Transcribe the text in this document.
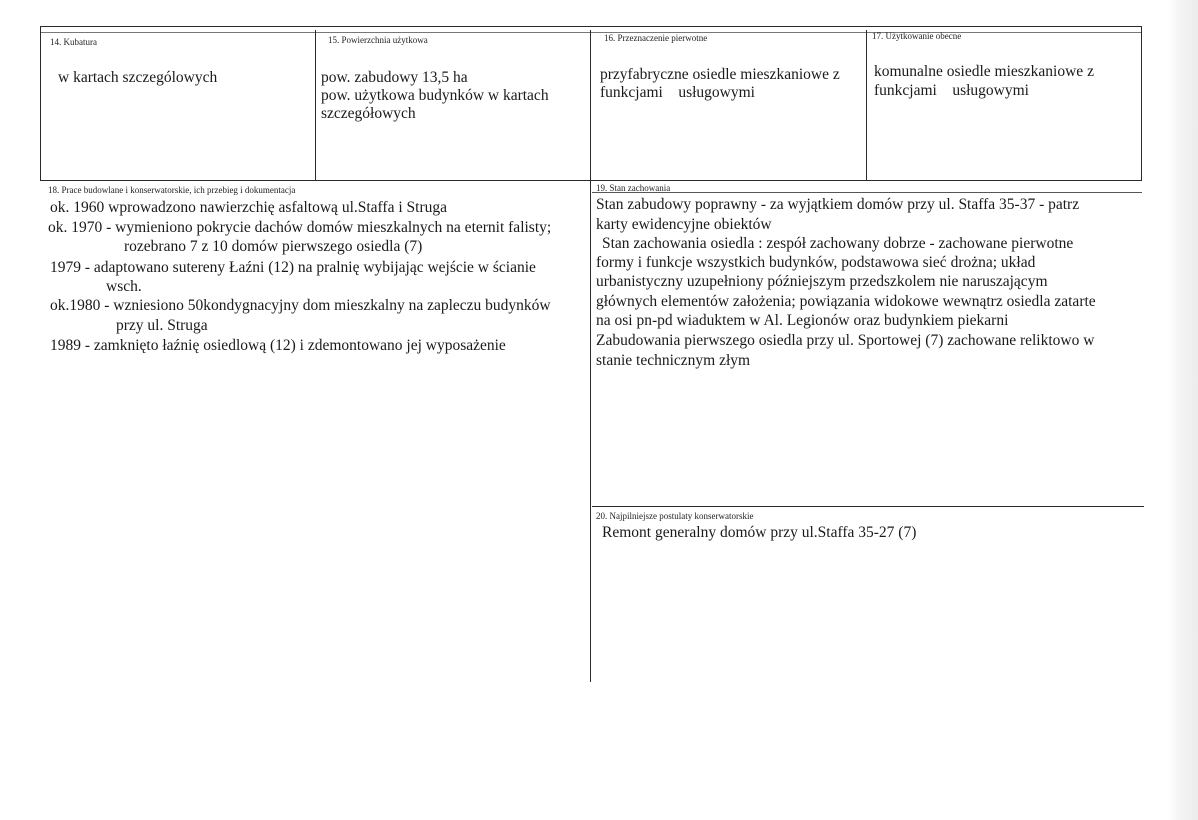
14. Kubatura
w kartach szczególowych
15. Powierzchnia użytkowa
pow. zabudowy 13,5 ha
pow. użytkowa budynków w kartach
szczegółowych
16. Przeznaczenie pierwotne
przyfabryczne osiedle mieszkaniowe z
funkcjami    usługowymi
17. Użytkowanie obecne
komunalne osiedle mieszkaniowe z
funkcjami    usługowymi
18. Prace budowlane i konserwatorskie, ich przebieg i dokumentacja
ok. 1960 wprowadzono nawierzchię asfaltową ul.Staffa i Struga
ok. 1970 - wymieniono pokrycie dachów domów mieszkalnych na eternit falisty;
rozebrano 7 z 10 domów pierwszego osiedla (7)
1979 - adaptowano sutereny Łaźni (12) na pralnię wybijając wejście w ścianie
wsch.
ok.1980 - wzniesiono 50kondygnacyjny dom mieszkalny na zapleczu budynków
przy ul. Struga
1989 - zamknięto łaźnię osiedlową (12) i zdemontowano jej wyposażenie
19. Stan zachowania
Stan zabudowy poprawny - za wyjątkiem domów przy ul. Staffa 35-37 - patrz
karty ewidencyjne obiektów
Stan zachowania osiedla : zespół zachowany dobrze - zachowane pierwotne
formy i funkcje wszystkich budynków, podstawowa sieć drożna; układ
urbanistyczny uzupełniony późniejszym przedszkolem nie naruszającym
głównych elementów założenia; powiązania widokowe wewnątrz osiedla zatarte
na osi pn-pd wiaduktem w Al. Legionów oraz budynkiem piekarni
Zabudowania pierwszego osiedla przy ul. Sportowej (7) zachowane reliktowo w
stanie technicznym złym
20. Najpilniejsze postulaty konserwatorskie
Remont generalny domów przy ul.Staffa 35-27 (7)
